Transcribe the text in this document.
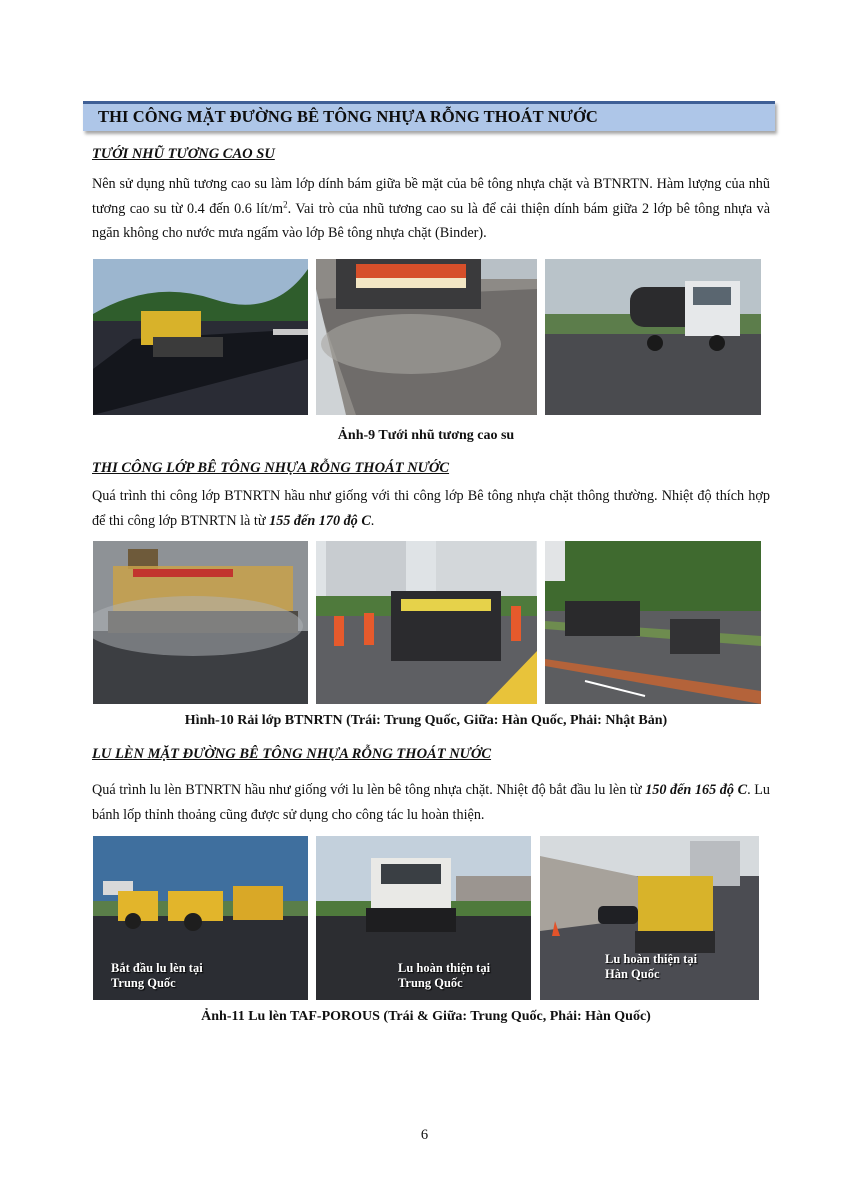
THI CÔNG MẶT ĐƯỜNG BÊ TÔNG NHỰA RỖNG THOÁT NƯỚC
TƯỚI NHŨ TƯƠNG CAO SU
Nên sử dụng nhũ tương cao su làm lớp dính bám giữa bề mặt của bê tông nhựa chặt và BTNRTN. Hàm lượng của nhũ tương cao su từ 0.4 đến 0.6 lít/$m^2$. Vai trò của nhũ tương cao su là để cải thiện dính bám giữa 2 lớp bê tông nhựa và ngăn không cho nước mưa ngấm vào lớp Bê tông nhựa chặt (Binder).
Ảnh-9 Tưới nhũ tương cao su
THI CÔNG LỚP BÊ TÔNG NHỰA RỖNG THOÁT NƯỚC
Quá trình thi công lớp BTNRTN hầu như giống với thi công lớp Bê tông nhựa chặt thông thường. Nhiệt độ thích hợp để thi công lớp BTNRTN là từ 155 đến 170 độ C.
Hình-10 Rải lớp BTNRTN (Trái: Trung Quốc, Giữa: Hàn Quốc, Phải: Nhật Bản)
LU LÈN MẶT ĐƯỜNG BÊ TÔNG NHỰA RỖNG THOÁT NƯỚC
Quá trình lu lèn BTNRTN hầu như giống với lu lèn bê tông nhựa chặt. Nhiệt độ bắt đầu lu lèn từ 150 đến 165 độ C. Lu bánh lốp thỉnh thoảng cũng được sử dụng cho công tác lu hoàn thiện.
Bắt đầu lu lèn tại
Trung Quốc
Lu hoàn thiện tại
Trung Quốc
Lu hoàn thiện tại
Hàn Quốc
Ảnh-11 Lu lèn TAF-POROUS (Trái & Giữa: Trung Quốc, Phải: Hàn Quốc)
6
